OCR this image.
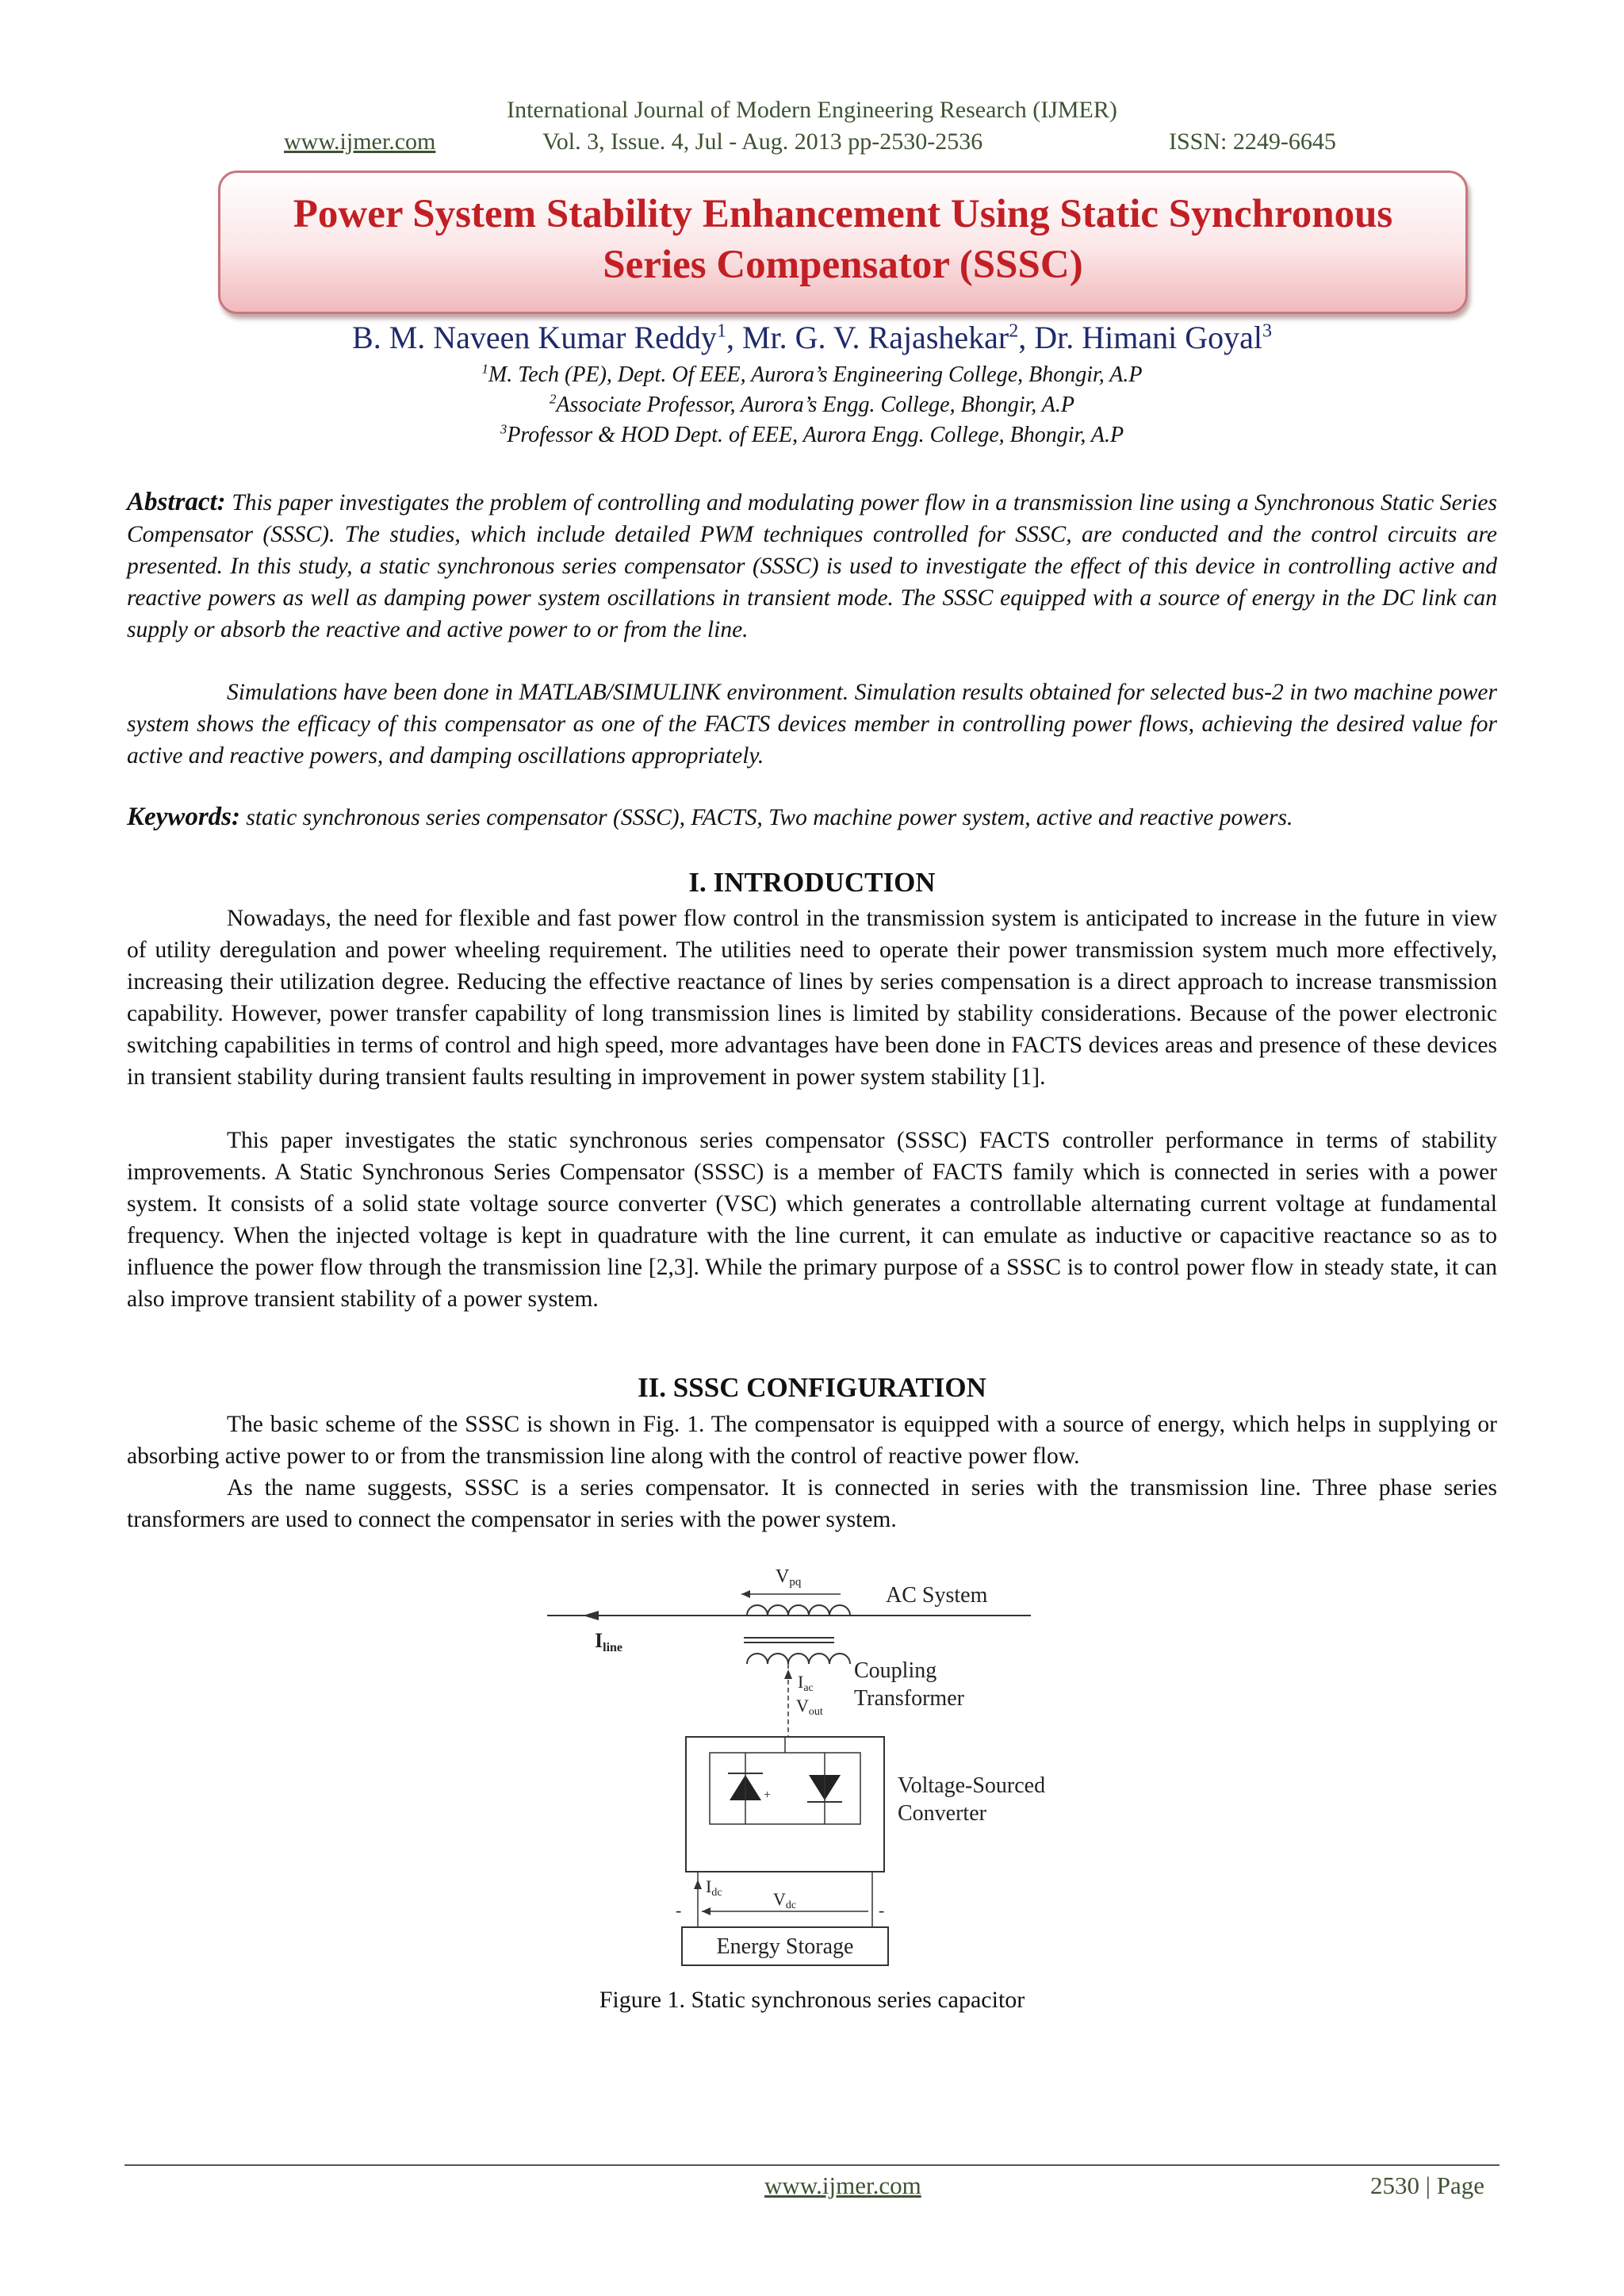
International Journal of Modern Engineering Research (IJMER)
www.ijmer.com	Vol. 3, Issue. 4, Jul - Aug. 2013 pp-2530-2536	ISSN: 2249-6645
Power System Stability Enhancement Using Static Synchronous
Series Compensator (SSSC)
B. M. Naveen Kumar Reddy$^1$, Mr. G. V. Rajashekar$^2$, Dr. Himani Goyal$^3$
$^1$M. Tech (PE), Dept. Of EEE, Aurora’s Engineering College, Bhongir, A.P
$^2$Associate Professor, Aurora’s Engg. College, Bhongir, A.P
$^3$Professor & HOD Dept. of EEE, Aurora Engg. College, Bhongir, A.P
Abstract: This paper investigates the problem of controlling and modulating power flow in a transmission line using a Synchronous Static Series Compensator (SSSC). The studies, which include detailed PWM techniques controlled for SSSC, are conducted and the control circuits are presented. In this study, a static synchronous series compensator (SSSC) is used to investigate the effect of this device in controlling active and reactive powers as well as damping power system oscillations in transient mode. The SSSC equipped with a source of energy in the DC link can supply or absorb the reactive and active power to or from the line.
Simulations have been done in MATLAB/SIMULINK environment. Simulation results obtained for selected bus-2 in two machine power system shows the efficacy of this compensator as one of the FACTS devices member in controlling power flows, achieving the desired value for active and reactive powers, and damping oscillations appropriately.
Keywords: static synchronous series compensator (SSSC), FACTS, Two machine power system, active and reactive powers.
I. INTRODUCTION
Nowadays, the need for flexible and fast power flow control in the transmission system is anticipated to increase in the future in view of utility deregulation and power wheeling requirement. The utilities need to operate their power transmission system much more effectively, increasing their utilization degree. Reducing the effective reactance of lines by series compensation is a direct approach to increase transmission capability. However, power transfer capability of long transmission lines is limited by stability considerations. Because of the power electronic switching capabilities in terms of control and high speed, more advantages have been done in FACTS devices areas and presence of these devices in transient stability during transient faults resulting in improvement in power system stability [1].
This paper investigates the static synchronous series compensator (SSSC) FACTS controller performance in terms of stability improvements. A Static Synchronous Series Compensator (SSSC) is a member of FACTS family which is connected in series with a power system. It consists of a solid state voltage source converter (VSC) which generates a controllable alternating current voltage at fundamental frequency. When the injected voltage is kept in quadrature with the line current, it can emulate as inductive or capacitive reactance so as to influence the power flow through the transmission line [2,3]. While the primary purpose of a SSSC is to control power flow in steady state, it can also improve transient stability of a power system.
II. SSSC CONFIGURATION
The basic scheme of the SSSC is shown in Fig. 1. The compensator is equipped with a source of energy, which helps in supplying or absorbing active power to or from the transmission line along with the control of reactive power flow.
As the name suggests, SSSC is a series compensator. It is connected in series with the transmission line. Three phase series transformers are used to connect the compensator in series with the power system.
Iline
Vpq
AC System
Iac
Vout
Coupling
Transformer
+	Voltage-Sourced
Converter
Idc	Vdc
-	-
Energy Storage
Figure 1. Static synchronous series capacitor
www.ijmer.com	2530 | Page
